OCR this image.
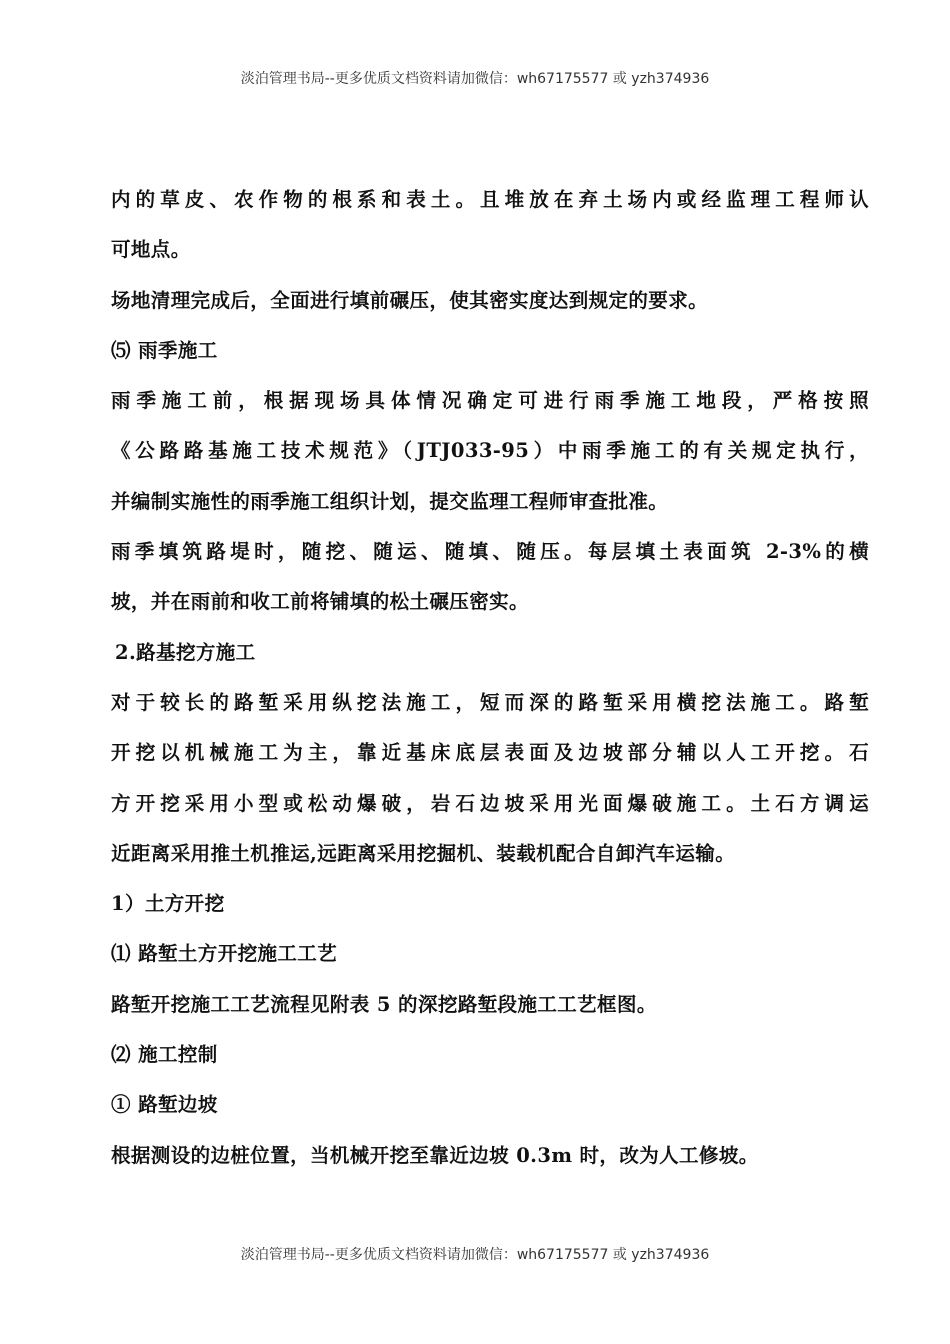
淡泊管理书局--更多优质文档资料请加微信：wh67175577 或 yzh374936
内的草皮、农作物的根系和表土。且堆放在弃土场内或经监理工程师认
可地点。
场地清理完成后，全面进行填前碾压，使其密实度达到规定的要求。
⑸ 雨季施工
雨季施工前，根据现场具体情况确定可进行雨季施工地段，严格按照
《公路路基施工技术规范》（JTJ033-95）中雨季施工的有关规定执行，
并编制实施性的雨季施工组织计划，提交监理工程师审查批准。
雨季填筑路堤时，随挖、随运、随填、随压。每层填土表面筑 2-3%的横
坡，并在雨前和收工前将铺填的松土碾压密实。
2.路基挖方施工
对于较长的路堑采用纵挖法施工，短而深的路堑采用横挖法施工。路堑
开挖以机械施工为主，靠近基床底层表面及边坡部分辅以人工开挖。石
方开挖采用小型或松动爆破，岩石边坡采用光面爆破施工。土石方调运
近距离采用推土机推运,远距离采用挖掘机、装载机配合自卸汽车运输。
1）土方开挖
⑴ 路堑土方开挖施工工艺
路堑开挖施工工艺流程见附表 5 的深挖路堑段施工工艺框图。
⑵ 施工控制
① 路堑边坡
根据测设的边桩位置，当机械开挖至靠近边坡 0.3m 时，改为人工修坡。
淡泊管理书局--更多优质文档资料请加微信：wh67175577 或 yzh374936
